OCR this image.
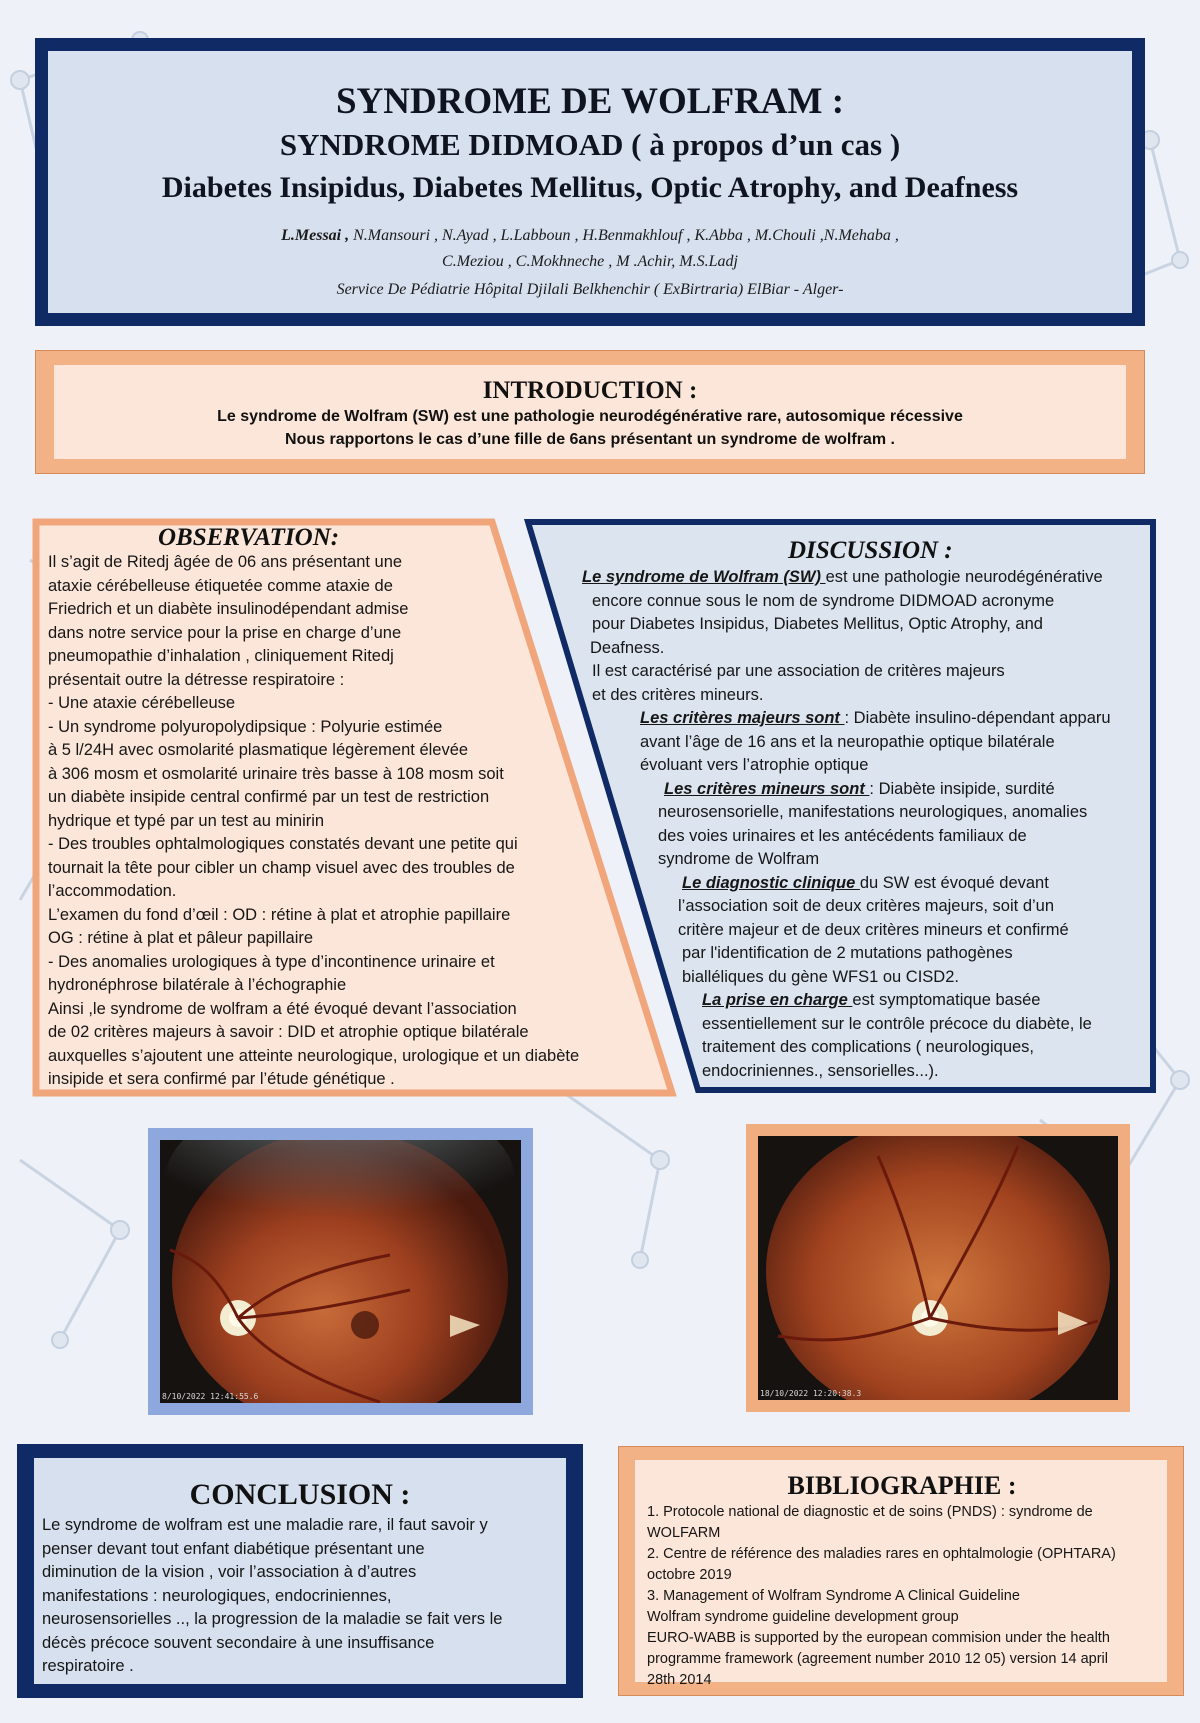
SYNDROME DE WOLFRAM :
SYNDROME DIDMOAD ( à propos d’un cas )
Diabetes Insipidus, Diabetes Mellitus, Optic Atrophy, and Deafness
L.Messai , N.Mansouri , N.Ayad , L.Labboun , H.Benmakhlouf , K.Abba , M.Chouli ,N.Mehaba ,
C.Meziou , C.Mokhneche , M .Achir, M.S.Ladj
Service De Pédiatrie Hôpital Djilali Belkhenchir ( ExBirtraria) ElBiar - Alger-
INTRODUCTION :
Le syndrome de Wolfram (SW) est une pathologie neurodégénérative rare, autosomique récessive
Nous rapportons le cas d’une fille de 6ans présentant un syndrome de wolfram .
OBSERVATION:
Il s’agit de Ritedj âgée de 06 ans présentant une
ataxie cérébelleuse étiquetée comme ataxie de
Friedrich et un diabète insulinodépendant admise
dans notre service pour la prise en charge d’une
pneumopathie d’inhalation , cliniquement Ritedj
présentait outre la détresse respiratoire :
- Une ataxie cérébelleuse
- Un syndrome polyuropolydipsique : Polyurie estimée
à 5 l/24H avec osmolarité plasmatique légèrement élevée
à 306 mosm et osmolarité urinaire très basse à 108 mosm soit
un diabète insipide central confirmé par un test de restriction
hydrique et typé par un test au minirin
- Des troubles ophtalmologiques constatés devant une petite qui
tournait la tête pour cibler un champ visuel avec des troubles de
l’accommodation.
L’examen du fond d’œil : OD : rétine à plat et atrophie papillaire
OG : rétine à plat et pâleur papillaire
- Des anomalies urologiques à type d’incontinence urinaire et
hydronéphrose bilatérale à l’échographie
Ainsi ,le syndrome de wolfram a été évoqué devant l’association
de 02 critères majeurs à savoir : DID et atrophie optique bilatérale
auxquelles s’ajoutent une atteinte neurologique, urologique et un diabète
insipide et sera confirmé par l’étude génétique .
DISCUSSION :
Le syndrome de Wolfram (SW) est une pathologie neurodégénérative
encore connue sous le nom de syndrome DIDMOAD acronyme
pour Diabetes Insipidus, Diabetes Mellitus, Optic Atrophy, and
Deafness.
Il est caractérisé par une association de critères majeurs
et des critères mineurs.
Les critères majeurs sont : Diabète insulino-dépendant apparu
avant l’âge de 16 ans et la neuropathie optique bilatérale
évoluant vers l’atrophie optique
Les critères mineurs sont : Diabète insipide, surdité
neurosensorielle, manifestations neurologiques, anomalies
des voies urinaires et les antécédents familiaux de
syndrome de Wolfram
Le diagnostic clinique du SW est évoqué devant
l’association soit de deux critères majeurs, soit d’un
critère majeur et de deux critères mineurs et confirmé
par l'identification de 2 mutations pathogènes
bialléliques du gène WFS1 ou CISD2.
La prise en charge est symptomatique basée
essentiellement sur le contrôle précoce du diabète, le
traitement des complications ( neurologiques,
endocriniennes., sensorielles...).
8/10/2022 12:41:55.6	18/10/2022 12:20:38.3
CONCLUSION :
Le syndrome de wolfram est une maladie rare, il faut savoir y
penser devant tout enfant diabétique présentant une
diminution de la vision , voir l’association à d’autres
manifestations : neurologiques, endocriniennes,
neurosensorielles .., la progression de la maladie se fait vers le
décès précoce souvent secondaire à une insuffisance
respiratoire .
BIBLIOGRAPHIE :
1. Protocole national de diagnostic et de soins (PNDS) : syndrome de
WOLFARM
2. Centre de référence des maladies rares en ophtalmologie (OPHTARA)
octobre 2019
3. Management of Wolfram Syndrome A Clinical Guideline
Wolfram syndrome guideline development group
EURO-WABB is supported by the european commision under the health
programme framework (agreement number 2010 12 05) version 14 april
28th 2014
